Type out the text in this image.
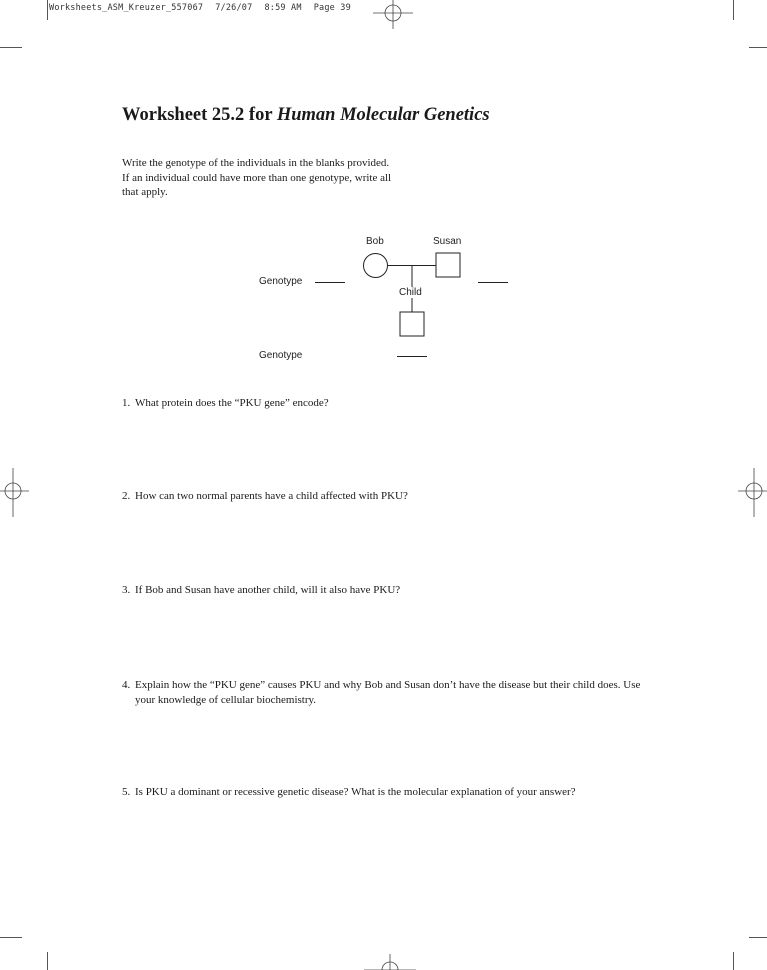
Worksheets_ASM_Kreuzer_557067 7/26/07 8:59 AM Page 39
Worksheet 25.2 for Human Molecular Genetics
Write the genotype of the individuals in the blanks provided. If an individual could have more than one genotype, write all that apply.
Bob	Susan
Child
Genotype
Genotype
1. What protein does the “PKU gene” encode?
2. How can two normal parents have a child affected with PKU?
3. If Bob and Susan have another child, will it also have PKU?
4. Explain how the “PKU gene” causes PKU and why Bob and Susan don’t have the disease but their child does. Use your knowledge of cellular biochemistry.
5. Is PKU a dominant or recessive genetic disease? What is the molecular explanation of your answer?
